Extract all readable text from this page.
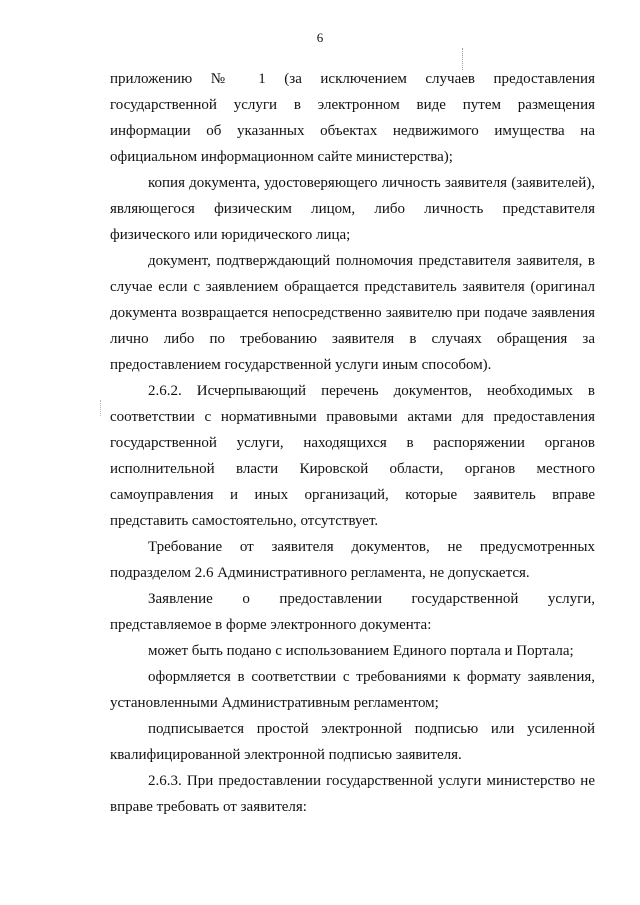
6

приложению № 1 (за исключением случаев предоставления государственной услуги в электронном виде путем размещения информации об указанных объектах недвижимого имущества на официальном информационном сайте министерства);

копия документа, удостоверяющего личность заявителя (заявителей), являющегося физическим лицом, либо личность представителя физического или юридического лица;

документ, подтверждающий полномочия представителя заявителя, в случае если с заявлением обращается представитель заявителя (оригинал документа возвращается непосредственно заявителю при подаче заявления лично либо по требованию заявителя в случаях обращения за предоставлением государственной услуги иным способом).

2.6.2. Исчерпывающий перечень документов, необходимых в соответствии с нормативными правовыми актами для предоставления государственной услуги, находящихся в распоряжении органов исполнительной власти Кировской области, органов местного самоуправления и иных организаций, которые заявитель вправе представить самостоятельно, отсутствует.

Требование от заявителя документов, не предусмотренных подразделом 2.6 Административного регламента, не допускается.

Заявление о предоставлении государственной услуги, представляемое в форме электронного документа:

может быть подано с использованием Единого портала и Портала;

оформляется в соответствии с требованиями к формату заявления, установленными Административным регламентом;

подписывается простой электронной подписью или усиленной квалифицированной электронной подписью заявителя.

2.6.3. При предоставлении государственной услуги министерство не вправе требовать от заявителя:
